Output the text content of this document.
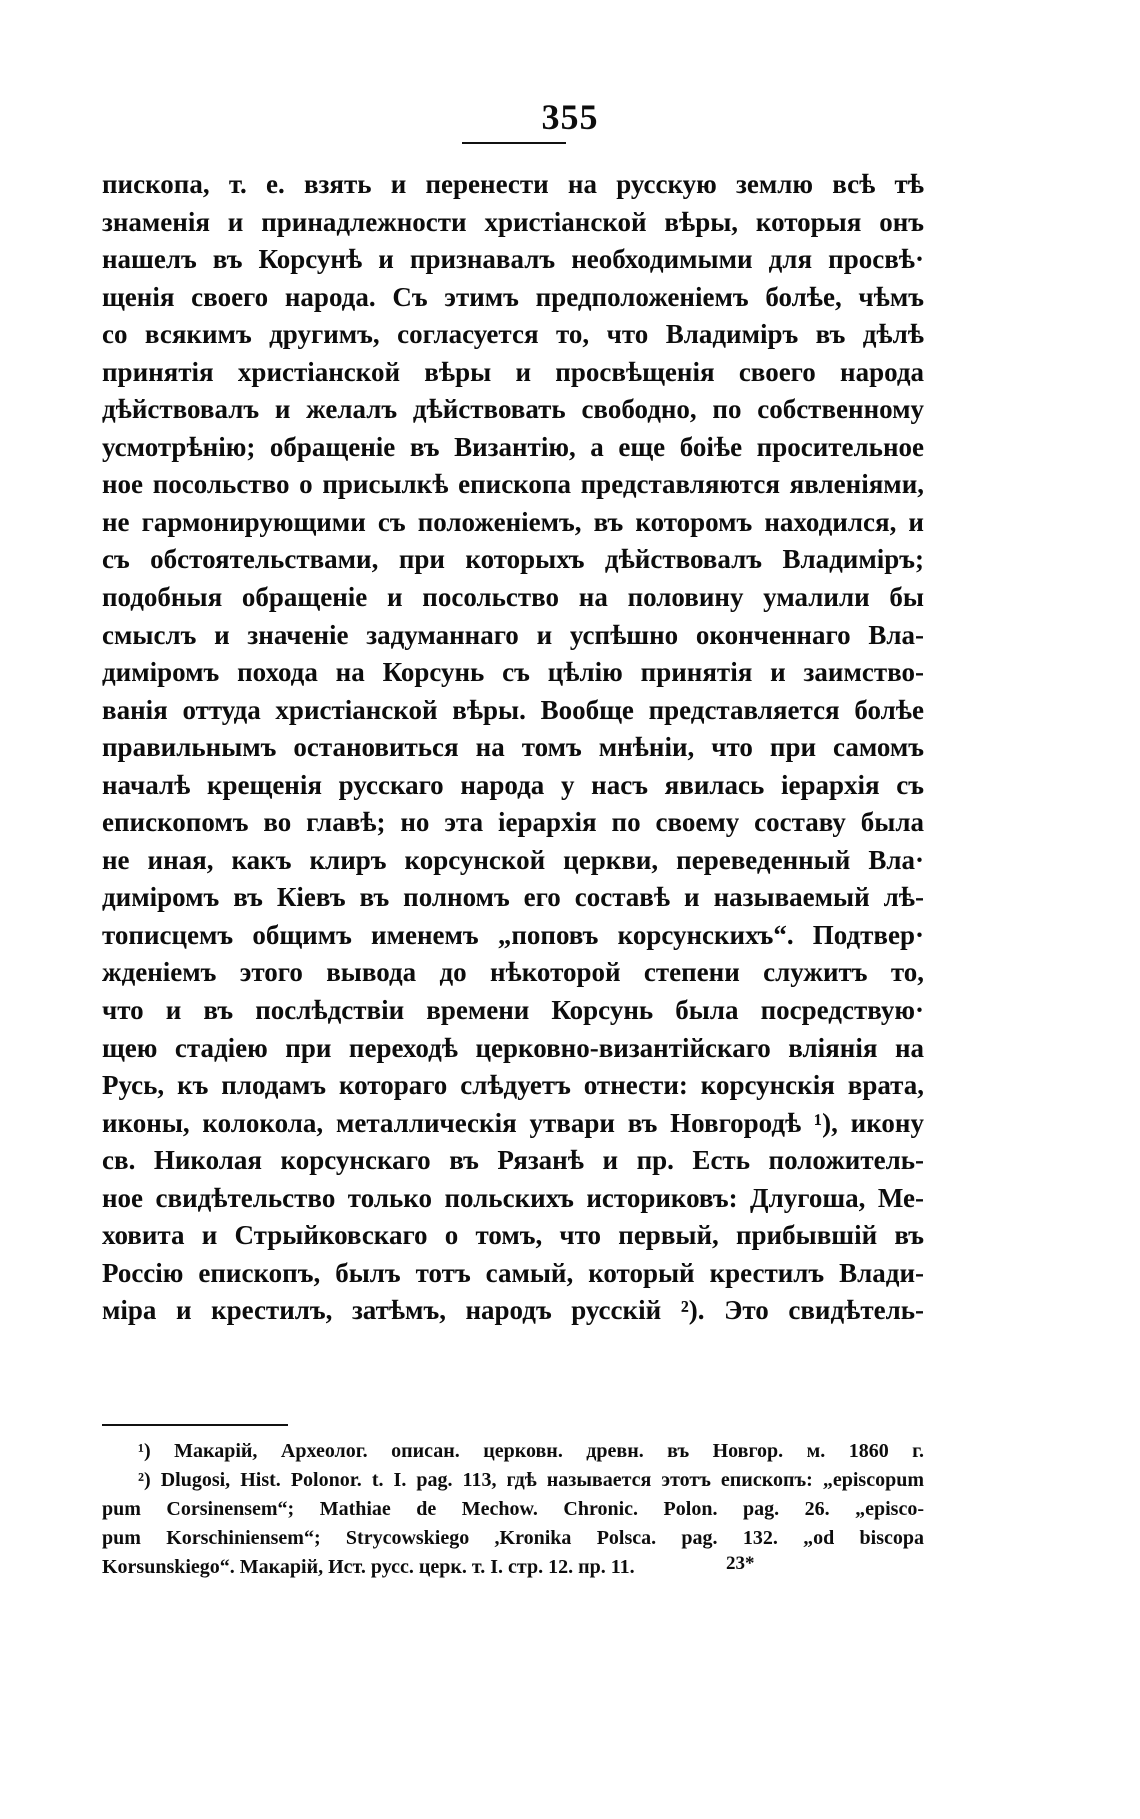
355
пископа, т. е. взять и перенести на русскую землю всѣ тѣ
знаменія и принадлежности христіанской вѣры, которыя онъ
нашелъ въ Корсунѣ и признавалъ необходимыми для просвѣ·
щенія своего народа. Съ этимъ предположеніемъ болѣе, чѣмъ
со всякимъ другимъ, согласуется то, что Владиміръ въ дѣлѣ
принятія христіанской вѣры и просвѣщенія своего народа
дѣйствовалъ и желалъ дѣйствовать свободно, по собственному
усмотрѣнію; обращеніе въ Византію, а еще боіѣе просительное
ное посольство о присылкѣ епископа представляются явленіями,
не гармонирующими съ положеніемъ, въ которомъ находился, и
съ обстоятельствами, при которыхъ дѣйствовалъ Владиміръ;
подобныя обращеніе и посольство на половину умалили бы
смыслъ и значеніе задуманнаго и успѣшно оконченнаго Вла-
диміромъ похода на Корсунь съ цѣлію принятія и заимство-
ванія оттуда христіанской вѣры. Вообще представляется болѣе
правильнымъ остановиться на томъ мнѣніи, что при самомъ
началѣ крещенія русскаго народа у насъ явилась іерархія съ
епископомъ во главѣ; но эта іерархія по своему составу была
не иная, какъ клиръ корсунской церкви, переведенный Вла·
диміромъ въ Кіевъ въ полномъ его составѣ и называемый лѣ-
тописцемъ общимъ именемъ „поповъ корсунскихъ“. Подтвер·
жденіемъ этого вывода до нѣкоторой степени служитъ то,
что и въ послѣдствіи времени Корсунь была посредствую·
щею стадіею при переходѣ церковно-византійскаго вліянія на
Русь, къ плодамъ котораго слѣдуетъ отнести: корсунскія врата,
иконы, колокола, металлическія утвари въ Новгородѣ ¹), икону
св. Николая корсунскаго въ Рязанѣ и пр. Есть положитель-
ное свидѣтельство только польскихъ историковъ: Длугоша, Ме-
ховита и Стрыйковскаго о томъ, что первый, прибывшій въ
Россію епископъ, былъ тотъ самый, который крестилъ Влади-
міра и крестилъ, затѣмъ, народъ русскій ²). Это свидѣтель-
¹) Макарій, Археолог. описан. церковн. древн. въ Новгор. м. 1860 г.
²) Dlugosi, Hist. Polonor. t. I. pag. 113, гдѣ называется этотъ епископъ: „episcopum
pum Corsinensem“; Mathiae de Mechow. Chronic. Polon. pag. 26. „episco-
pum Korschiniensem“; Strycowskiego ,Kronika Polsca. pag. 132. „od biscopa
Korsunskiego“. Макарій, Ист. русс. церк. т. I. стр. 12. пр. 11.	23*
